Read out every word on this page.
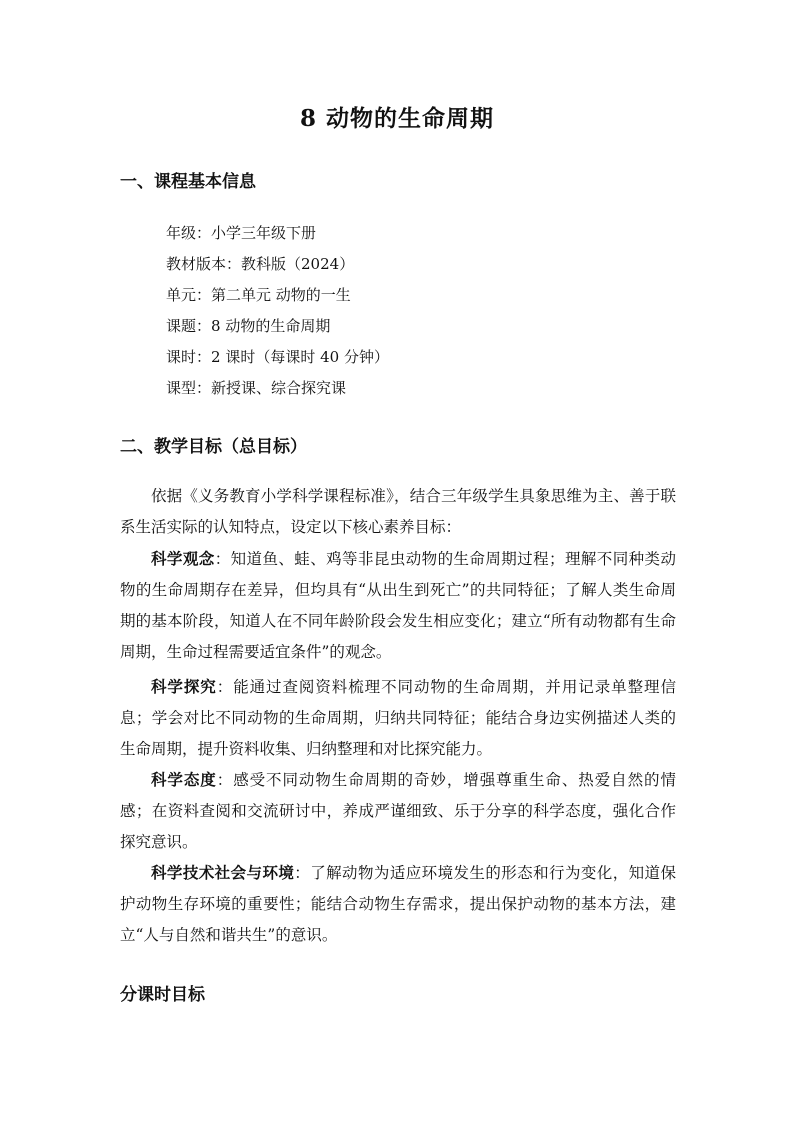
8 动物的生命周期
一、课程基本信息
年级：小学三年级下册
教材版本：教科版（2024）
单元：第二单元 动物的一生
课题：8 动物的生命周期
课时：2 课时（每课时 40 分钟）
课型：新授课、综合探究课
二、教学目标（总目标）

依据《义务教育小学科学课程标准》，结合三年级学生具象思维为主、善于联系生活实际的认知特点，设定以下核心素养目标：

科学观念：知道鱼、蛙、鸡等非昆虫动物的生命周期过程；理解不同种类动物的生命周期存在差异，但均具有“从出生到死亡”的共同特征；了解人类生命周期的基本阶段，知道人在不同年龄阶段会发生相应变化；建立“所有动物都有生命周期，生命过程需要适宜条件”的观念。

科学探究：能通过查阅资料梳理不同动物的生命周期，并用记录单整理信息；学会对比不同动物的生命周期，归纳共同特征；能结合身边实例描述人类的生命周期，提升资料收集、归纳整理和对比探究能力。

科学态度：感受不同动物生命周期的奇妙，增强尊重生命、热爱自然的情感；在资料查阅和交流研讨中，养成严谨细致、乐于分享的科学态度，强化合作探究意识。

科学技术社会与环境：了解动物为适应环境发生的形态和行为变化，知道保护动物生存环境的重要性；能结合动物生存需求，提出保护动物的基本方法，建立“人与自然和谐共生”的意识。

分课时目标
